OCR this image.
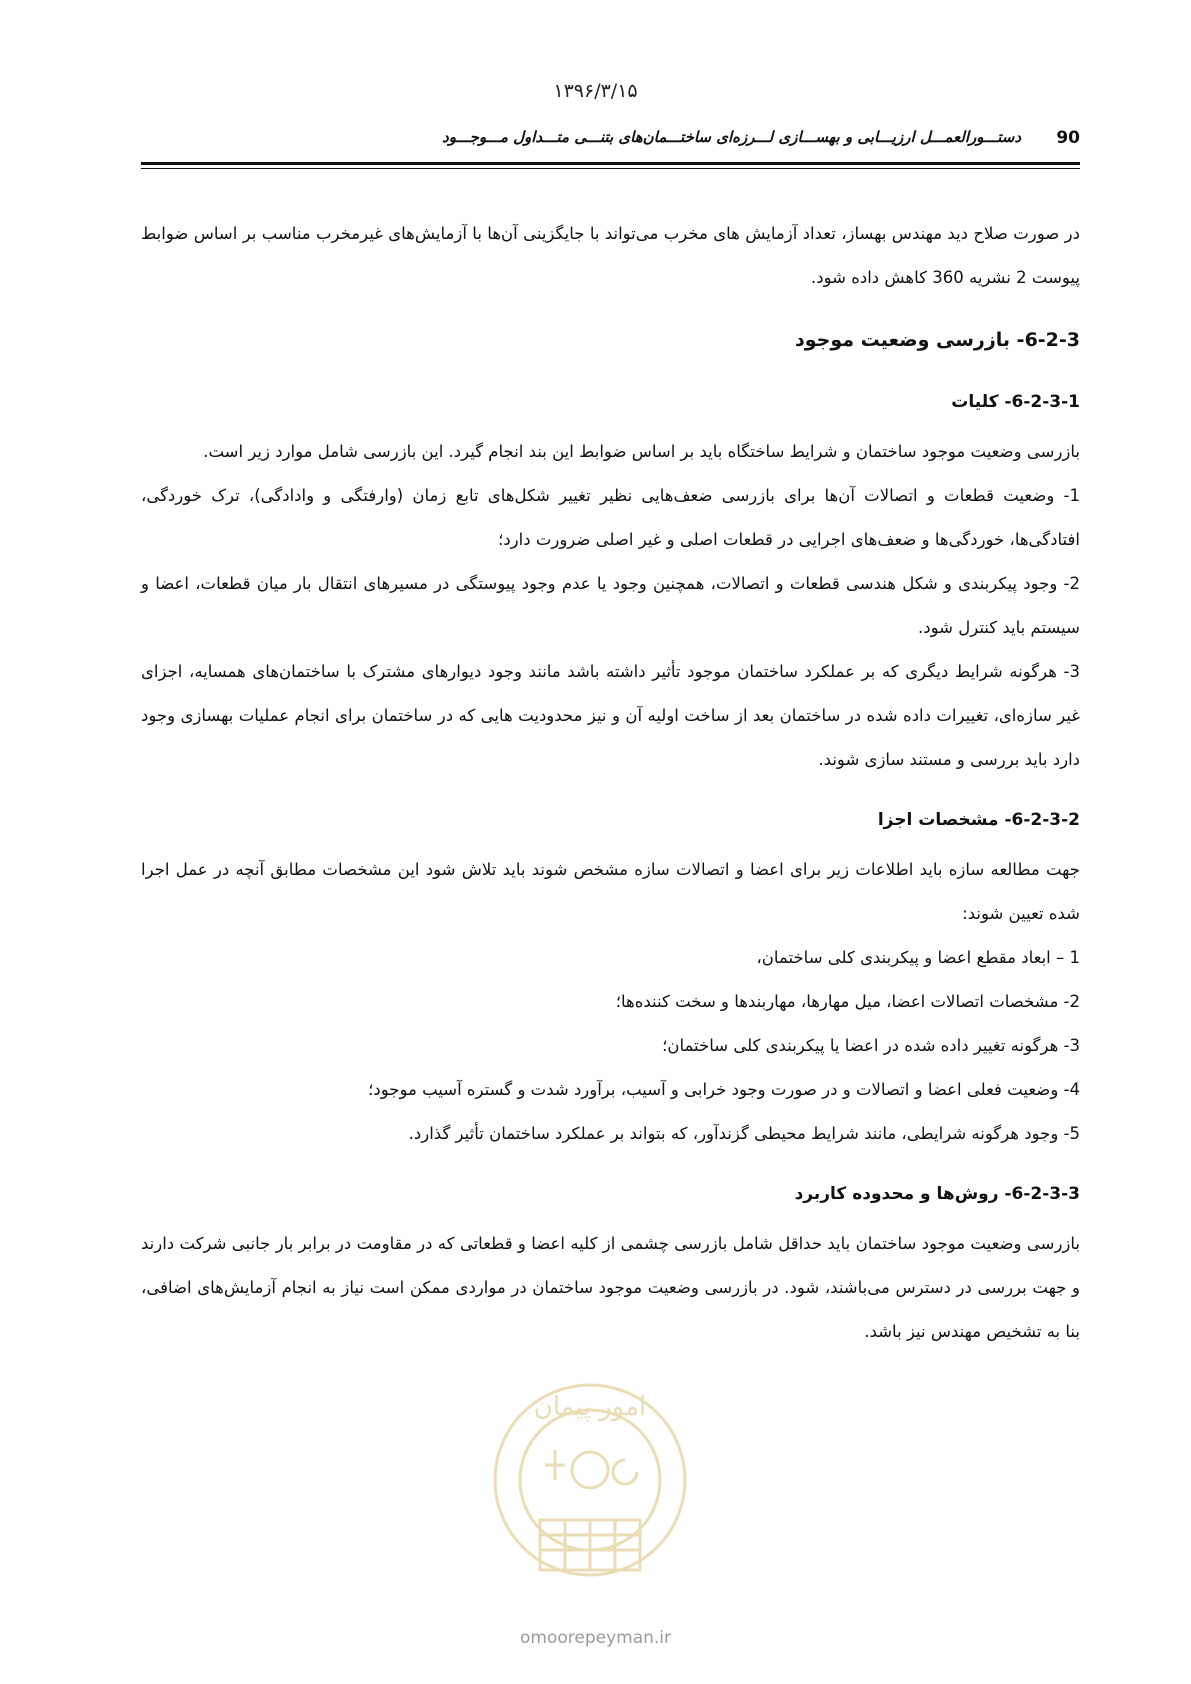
۱۳۹۶/۳/۱۵
90
دستـــورالعمـــل ارزیـــابی و بهســـازی لـــرزه‌ای ساختـــمان‌های بتنـــی متـــداول مـــوجـــود

در صورت صلاح دید مهندس بهساز، تعداد آزمایش های مخرب می‌تواند با جایگزینی آن‌ها با آزمایش‌های غیرمخرب مناسب بر اساس ضوابط پیوست 2 نشریه 360 کاهش داده شود.

6-2-3- بازرسی وضعیت موجود
6-2-3-1- کلیات

بازرسی وضعیت موجود ساختمان و شرایط ساختگاه باید بر اساس ضوابط این بند انجام گیرد. این بازرسی شامل موارد زیر است.

1- وضعیت قطعات و اتصالات آن‌ها برای بازرسی ضعف‌هایی نظیر تغییر شکل‌های تابع زمان (وارفتگی و وادادگی)، ترک خوردگی، افتادگی‌ها، خوردگی‌ها و ضعف‌های اجرایی در قطعات اصلی و غیر اصلی ضرورت دارد؛

2- وجود پیکربندی و شکل هندسی قطعات و اتصالات، همچنین وجود یا عدم وجود پیوستگی در مسیرهای انتقال بار میان قطعات، اعضا و سیستم باید کنترل شود.

3- هرگونه شرایط دیگری که بر عملکرد ساختمان موجود تأثیر داشته باشد مانند وجود دیوارهای مشترک با ساختمان‌های همسایه، اجزای غیر سازه‌ای، تغییرات داده شده در ساختمان بعد از ساخت اولیه آن و نیز محدودیت هایی که در ساختمان برای انجام عملیات بهسازی وجود دارد باید بررسی و مستند سازی شوند.

6-2-3-2- مشخصات اجزا

جهت مطالعه سازه باید اطلاعات زیر برای اعضا و اتصالات سازه مشخص شوند باید تلاش شود این مشخصات مطابق آنچه در عمل اجرا شده تعیین شوند:

1 – ابعاد مقطع اعضا و پیکربندی کلی ساختمان،

2- مشخصات اتصالات اعضا، میل مهارها، مهاربندها و سخت کننده‌ها؛

3- هرگونه تغییر داده شده در اعضا یا پیکربندی کلی ساختمان؛

4- وضعیت فعلی اعضا و اتصالات و در صورت وجود خرابی و آسیب، برآورد شدت و گستره آسیب موجود؛

5- وجود هرگونه شرایطی، مانند شرایط محیطی گزندآور، که بتواند بر عملکرد ساختمان تأثیر گذارد.

6-2-3-3- روش‌ها و محدوده کاربرد

بازرسی وضعیت موجود ساختمان باید حداقل شامل بازرسی چشمی از کلیه اعضا و قطعاتی که در مقاومت در برابر بار جانبی شرکت دارند و جهت بررسی در دسترس می‌باشند، شود. در بازرسی وضعیت موجود ساختمان در مواردی ممکن است نیاز به انجام آزمایش‌های اضافی، بنا به تشخیص مهندس نیز باشد.

امور پیمان
omoorepeyman.ir
